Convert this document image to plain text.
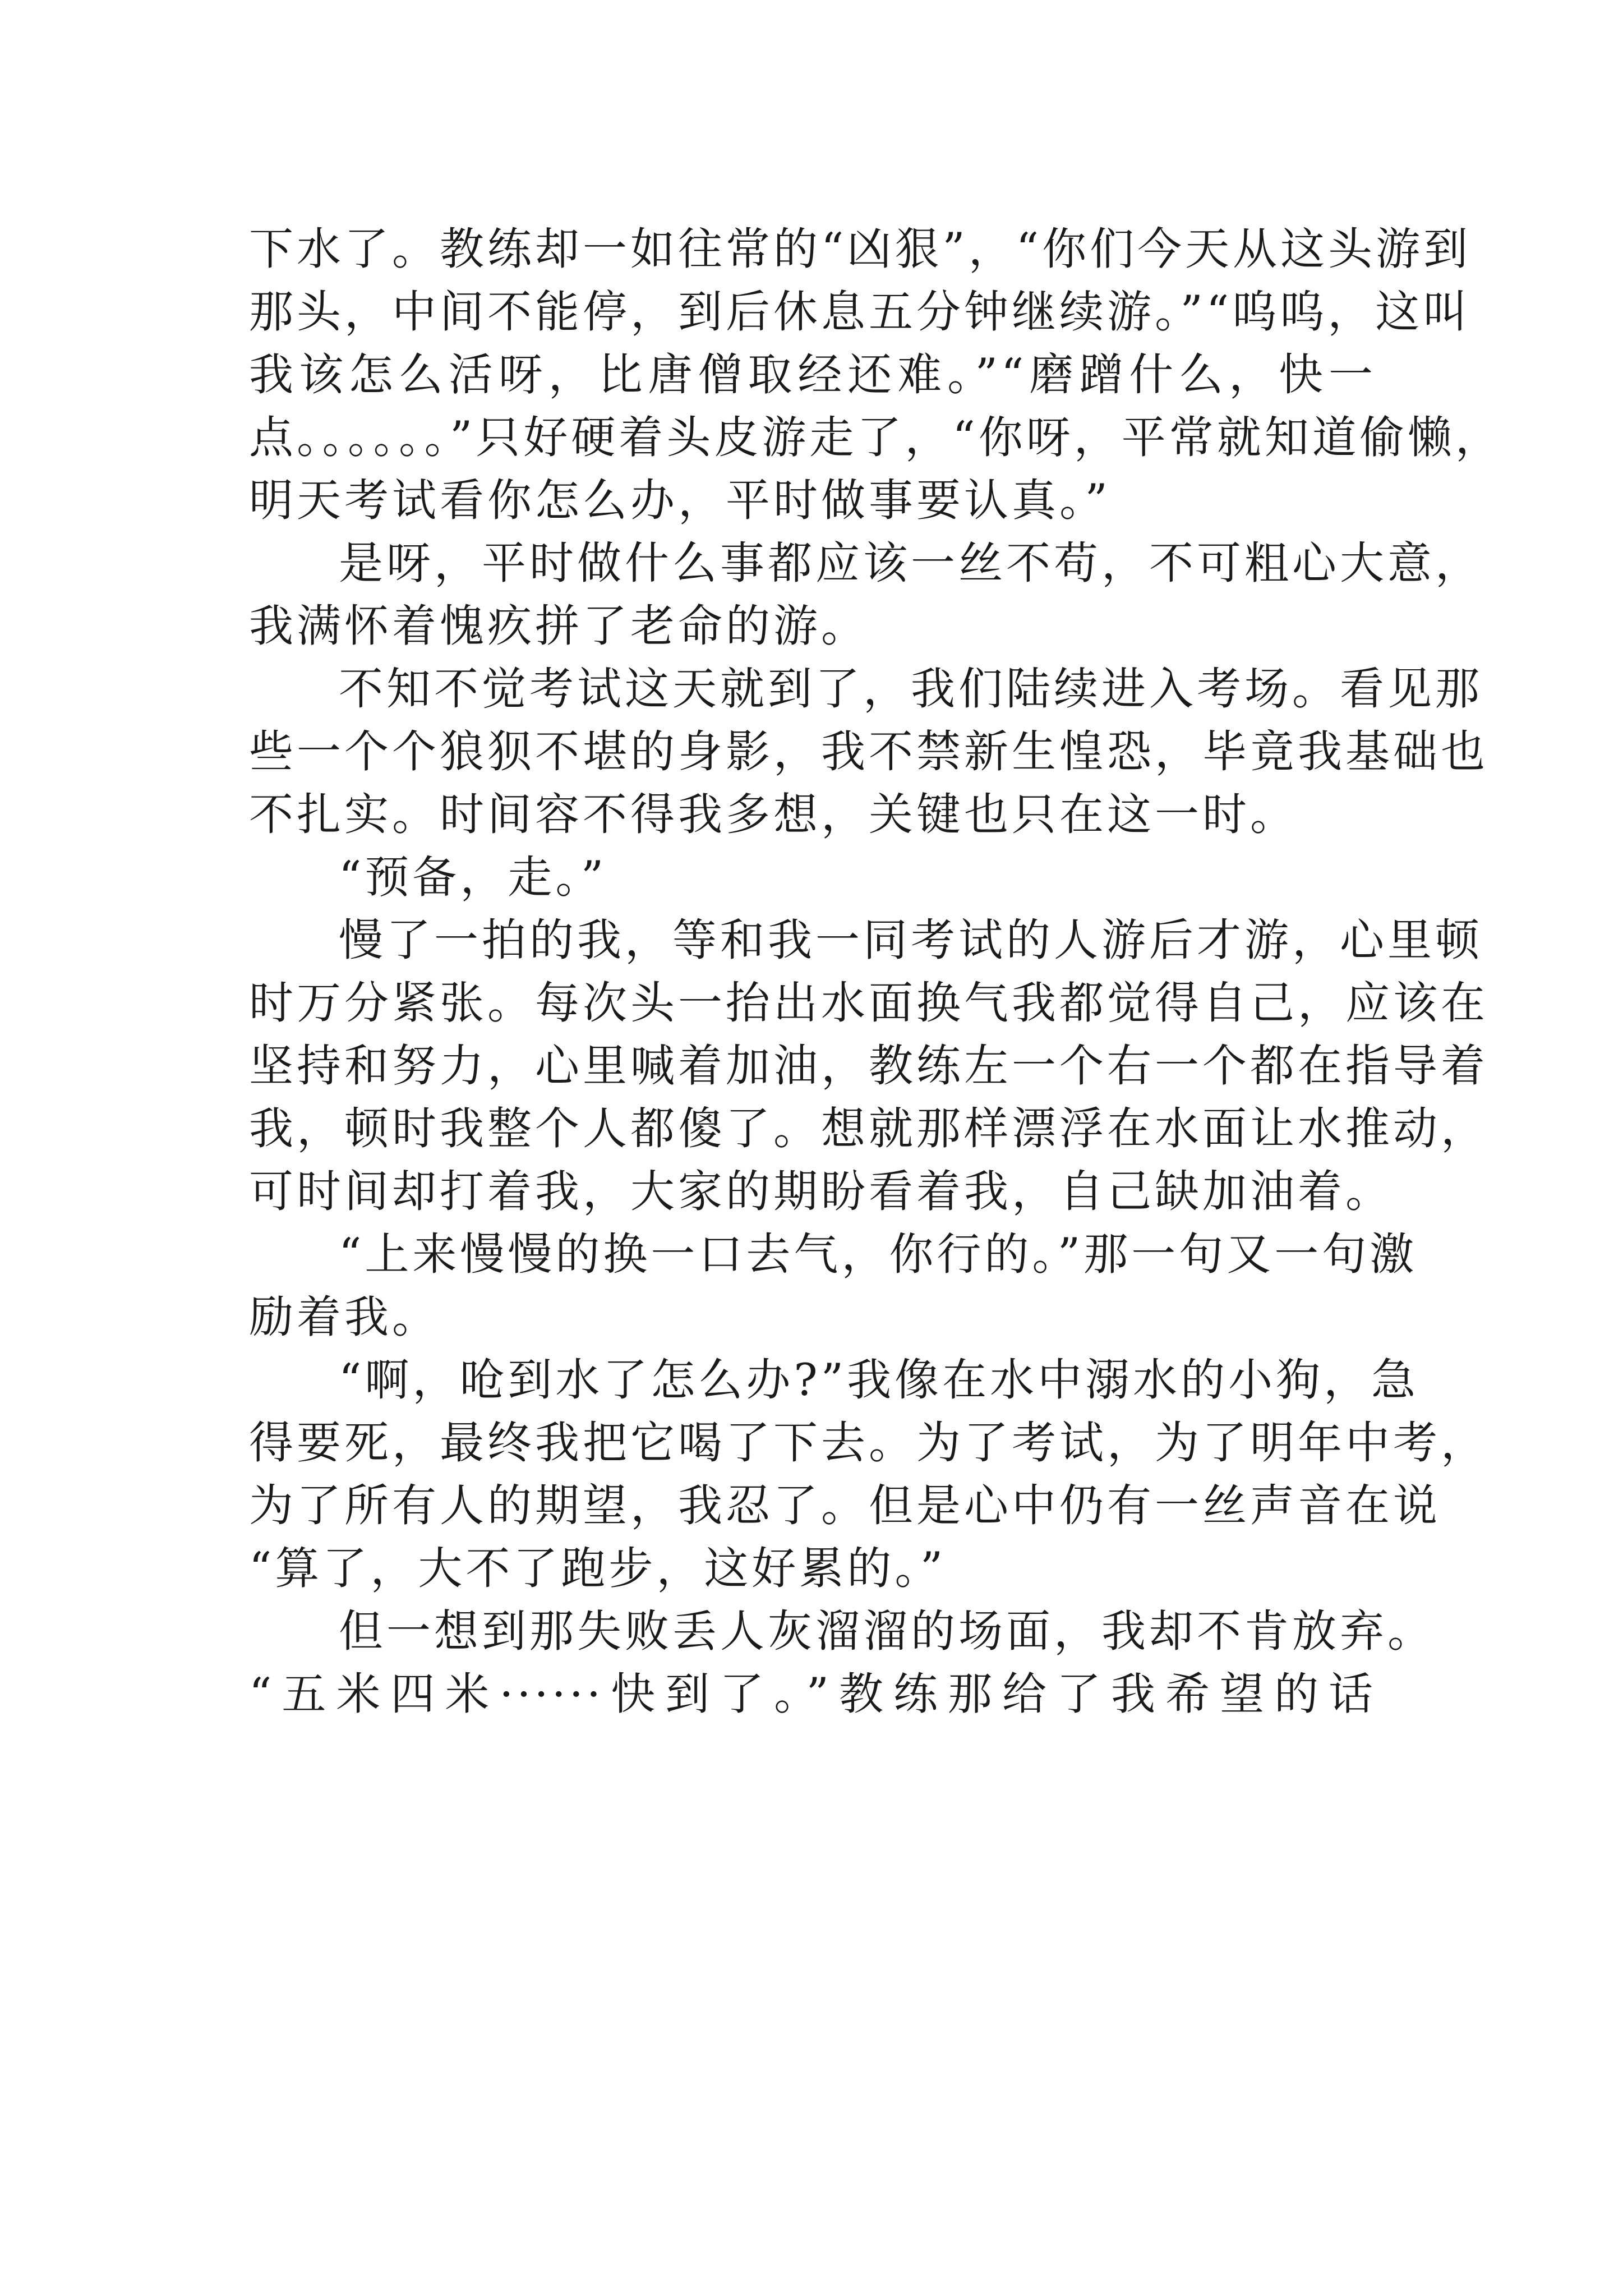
下水了。教练却一如往常的“凶狠”，“你们今天从这头游到
那头，中间不能停，到后休息五分钟继续游。”“呜呜，这叫
我该怎么活呀，比唐僧取经还难。”“磨蹭什么，快一
点。。。。。。”只好硬着头皮游走了，“你呀，平常就知道偷懒，
明天考试看你怎么办，平时做事要认真。”
是呀，平时做什么事都应该一丝不苟，不可粗心大意，
我满怀着愧疚拼了老命的游。
不知不觉考试这天就到了，我们陆续进入考场。看见那
些一个个狼狈不堪的身影，我不禁新生惶恐，毕竟我基础也
不扎实。时间容不得我多想，关键也只在这一时。
“预备，走。”
慢了一拍的我，等和我一同考试的人游后才游，心里顿
时万分紧张。每次头一抬出水面换气我都觉得自己，应该在
坚持和努力，心里喊着加油，教练左一个右一个都在指导着
我，顿时我整个人都傻了。想就那样漂浮在水面让水推动，
可时间却打着我，大家的期盼看着我，自己缺加油着。
“上来慢慢的换一口去气，你行的。”那一句又一句激
励着我。
“啊，呛到水了怎么办?”我像在水中溺水的小狗，急
得要死，最终我把它喝了下去。为了考试，为了明年中考，
为了所有人的期望，我忍了。但是心中仍有一丝声音在说
“算了，大不了跑步，这好累的。”
但一想到那失败丢人灰溜溜的场面，我却不肯放弃。
“五米四米······快到了。”教练那给了我希望的话
